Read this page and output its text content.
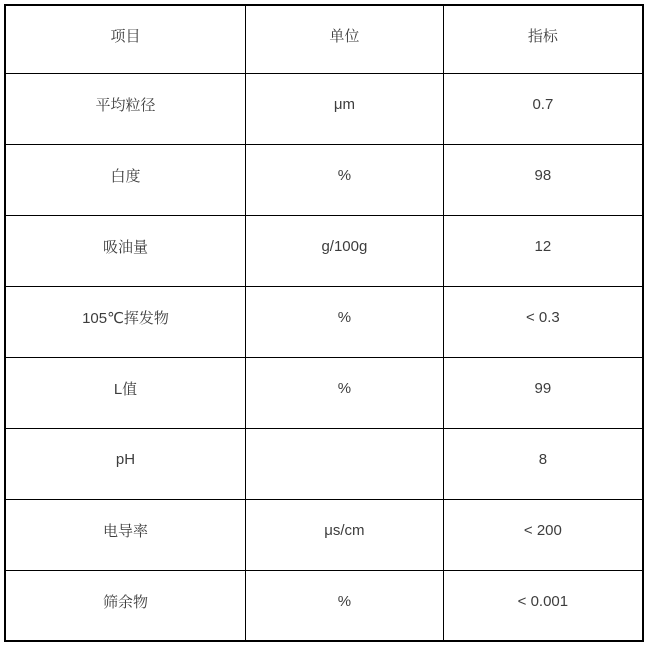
项目	单位	指标
平均粒径	μm	0.7
白度	%	98
吸油量	g/100g	12
105℃挥发物	%	< 0.3
L值	%	99
pH		8
电导率	μs/cm	< 200
筛余物	%	< 0.001
